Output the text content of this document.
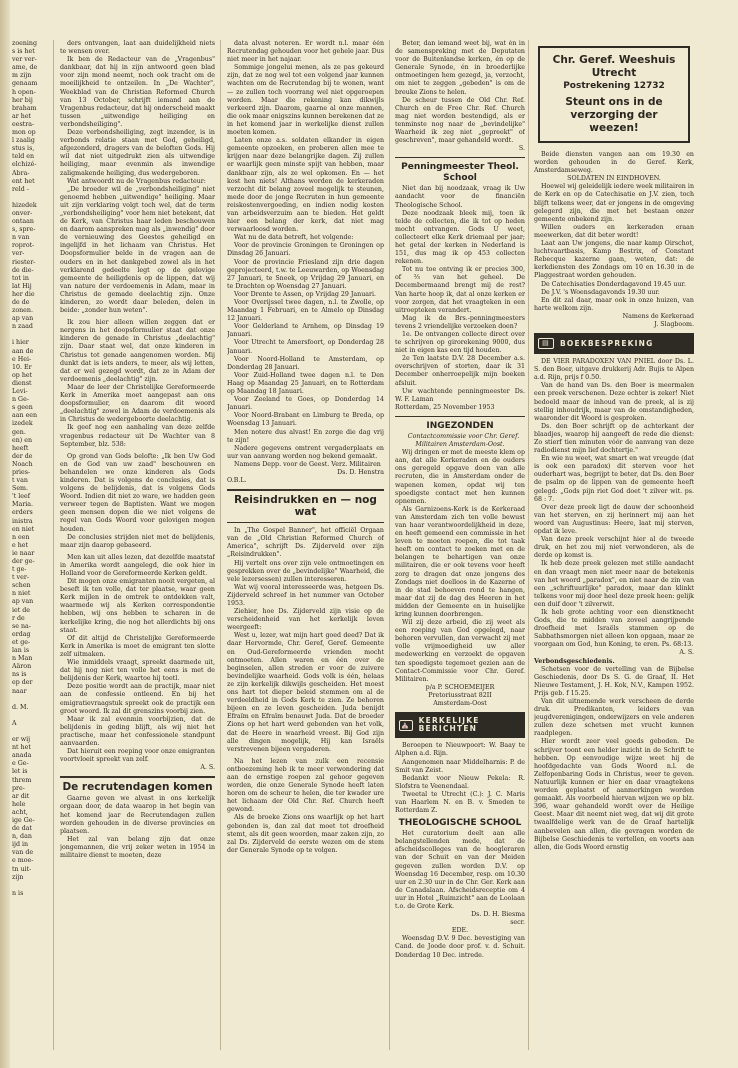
zoening
s is het
ver ver-
ame, de
m zijn
genaam
h open-
her bij
braham
ar het
eestra-
mon op
l zaalig
stus is,
teld en
elchizé-
Abra-
ent het
reld -
hizedek
onver-
ontaan
s, spre-
n van
roprot-
ver-
riester-
de die-
tot in
lat Hij
her die
de de
zonen.
ap van
n zaad
i hier
aan de
e Hei-
10. Er
op het
dienst
Levi-
n Ge-
s geen
aan een
izedek
gen.
en) en
heeft
der de
Noach
pries-
t van
Sem.
't leef
Maria.
erders
inistra
en niet
n een
e het
ie naar
der ge-
t ge-
t ver-
schen
n niet
ap van
iet de
r de
se na-
erdag
et ge-
lan is
n Man
Aäron
ns is
ep der
naar
d. M.
A
er wij
nt het
anada
e Ge-
let is
threm
pre-
ar dit
hele
acht,
ige Ge-
de dat
n, dan
ijd in
van de
e moe-
tn uit-
zijn
n is

ders ontvangen, laat aan duidelijkheid niets te wensen over.

Ik ben de Redacteur van de „Vragenbus" dankbaar, dat hij in zijn antwoord geen blad voor zijn mond neemt, noch ook tracht om de moeilijkheid te ontzeilen. In „De Wachter", Weekblad van de Christian Reformed Church van 13 October, schrijft iemand aan de Vragenbus redacteur, dat hij onderscheid maakt tussen „uitwendige heiliging en verbondsheiliging".

Deze verbondsheiliging, zegt inzender, is in verbonds relatie staan met God, geheiligd, afgezonderd, dragers van de beloften Gods. Hij wil dat niet uitgedrukt zien als uitwendige heiliging, maar evenmin als inwendige zaligmakende heiliging, dus wedergeboren.

Wat antwoordt nu de Vragenbus redacteur:

„De broeder wil de „verbondsheiliging" niet genoemd hebben „uitwendige" heiliging. Maar uit zijn verklaring volgt toch wel, dat de term „verbondsheiliging" voor hem niet betekent, dat de Kerk, van Christus haar leden beschouwen en daarom aanspreken mag als „inwendig" door de vernieuwing des Geestes geheiligd en ingelijfd in het lichaam van Christus. Het Doopsformulier belde in de vragen aan de ouders en in het dankgebed zowel als in het verklarend gedeelte legt op de gelovige gemeente de heiligdenis op de lippen, dat wij van nature der verdoemenis in Adam, maar in Christus de gemade deelachtig zijn. Onze kinderen, zo wordt daar beleden, delen in beide: „zonder hun weten".

Ik zou hier alleen willen zeggen dat er nergens in het doopsformulier staat dat onze kinderen de genade in Christus „deelachtig" zijn. Daar staat wel, dat onze kinderen in Christus tot genade aangenomen worden. Mij dunkt dat is iets anders, te meer, als wij letten, dat er wel gezegd wordt, dat ze in Adam der verdoemenis „deelachtig" zijn.

Maar de leer der Christelijke Gereformeerde Kerk in Amerika moet aangepast aan ons doopsformulier, en daarom dit woord „deelachtig" zowel in Adam de verdoemenis als in Christus de wedergeboorte deelachtig.

Ik geef nog een aanhaling van deze zelfde vragenbus redacteur uit De Wachter van 8 September, blz. 538:

Op grond van Gods belofte: „Ik ben Uw God en de God van uw zaad" beschouwen en behandelen we onze kinderen als Gods kinderen. Dat is volgens de conclusies, dat is volgens de belijdenis, dat is volgens Gods Woord. Indien dit niet zo ware, we hadden geen verweer tegen de Baptisten. Want we mogen geen mensen dopen die we niet volgens de regel van Gods Woord voor gelovigen mogen houden.

De conclusies strijden niet met de belijdenis, maar zijn daarop gebaseerd.

Men kan uit alles lezen, dat dezelfde maatstaf in Amerika wordt aangelegd, die ook hier in Holland voor de Gereformeerde Kerken geldt.

Dit mogen onze emigranten nooit vergeten, al beseft ik ten volle, dat ter plaatse, waar geen Kerk mijlen in de omtrek te ontdekken valt, waarmede wij als Kerken correspondentie hebben, wij ons hebben te scharen in de kerkelijke kring, die nog het allerdichts bij ons staat.

Of dit altijd de Christelijke Gereformeerde Kerk in Amerika is moet de emigrant ten slotte zelf uitmaken.

Wie inmiddels vraagt, spreekt daarmede uit, dat hij nog niet ten volle het eens is met de belijdenis der Kerk, waartoe hij toetl.

Deze positie wordt aan de practijk, maar niet aan de confessie ontleend. En bij het emigratievraagstuk spreekt ook de practijk een groot woord. Ik zal dit grenszins voorbij zien.

Maar ik zal evenmin voorbijzien, dat de belijdenis in geding blijft, als wij niet het practische, maar het confessionele standpunt aanvaarden.

Dat hieruit een roeping voor onze emigranten voortvloeit spreekt van zelf.

A. S.

De recrutendagen komen

Gaarne geven we alvast in ons kerkelijk orgaan door, de data waarop in het begin van het komend jaar de Recrutendagen zullen worden gehouden in de diverse provincies en plaatsen.

Het zal van belang zijn dat onze jongemannen, die vrij zeker weten in 1954 in militaire dienst te moeten, deze

data alvast noteren. Er wordt n.l. maar één Recrutendag gehouden voor het gehele jaar. Dus niet meer in het najaar.

Sommige jongelui menen, als ze pas gekeurd zijn, dat ze nog wel tot een volgend jaar kunnen wachten om de Recrutendag bij te wonen, want — ze zullen toch voorrang wel niet opgeroepen worden. Maar die rekening kan dikwijls verkeerd zijn. Daarom, gaarne al onze mannen, die ook maar enigszins kunnen berekenen dat ze in het komend jaar in werkelijke dienst zullen moeten komen.

Laten onze a.s. soldaten elkander in eigen gemeente opzoeken, en proberen allen mee te krijgen naar deze belangrijke dagen. Zij zullen er waarlijk geen minste spijt van hebben, maar dankbaar zijn, als ze wel opkomen. En — het kost hen niets! Althans worden de kerkeraden verzocht dit belang zoveel mogelijk te steunen, mede door de jonge Recruten in hun gemeente reiskostenvergoeding, en indien nodig kosten van arbeidsverzuim aan te bieden. Het geldt hier een belang der kerk, dat niet mag verwaarloosd worden.

Wat nu de data betreft, het volgende:

Voor de provincie Groningen te Groningen op Dinsdag 26 Januari.

Voor de provincie Friesland zijn drie dagen geprojecteerd, t.w. te Leeuwarden, op Woensdag 27 Januari, te Sneek, op Vrijdag 29 Januari, en te Drachten op Woensdag 27 Januari.

Voor Drente te Assen, op Vrijdag 29 Januari.

Voor Overijssel twee dagen, n.l. te Zwolle, op Maandag 1 Februari, en te Almelo op Dinsdag 12 Januari.

Voor Gelderland te Arnhem, op Dinsdag 19 Januari.

Voor Utrecht te Amersfoort, op Donderdag 28 Januari.

Voor Noord-Holland te Amsterdam, op Donderdag 28 Januari.

Voor Zuid-Holland twee dagen n.l. te Den Haag op Maandag 25 Januari, en te Rotterdam op Maandag 18 Januari.

Voor Zeeland te Goes, op Donderdag 14 Januari.

Voor Noord-Brabant en Limburg te Breda, op Woensdag 13 Januari.

Men notere dus alvast! En zorge die dag vrij te zijn!

Nadere gegevens omtrent vergaderplaats en uur van aanvang worden nog bekend gemaakt.

Namens Depp. voor de Geest. Verz. Militairen

Ds. D. Henstra

O.B.L.

Reisindrukken en — nog wat

In „The Gospel Banner", het officiël Orgaan van de „Old Christian Reformed Church of America", schrijft Ds. Zijderveld over zijn „Reisindrukken".

Hij vertelt ons over zijn vele ontmoetingen en gesprekken over de „bevindelijke" Waarheid, die vele lezersessen) zullen interesseren.

Wat wij vooral interesseerde was, hetgeen Ds. Zijderveld schreef in het nummer van October 1953.

Ziehier, hoe Ds. Zijderveld zijn visie op de verscheidenheid van het kerkelijk leven weergeeft:

West u, lezer, wat mijn hart goed deed? Dat ik daar Hervormde, Chr. Geref, Geref. Gemeente en Oud-Gereformeerde vrienden mocht ontmoeten. Allen waren en één over de beginselen, allen streden er voor de zuivere bevindelijke waarheid. Gods volk is één, helaas ze zijn kerkelijk dikwijls gescheiden. Het moest ons hart tot dieper beleid stemmen om al de verdeeldheid in Gods Kerk te zien. Ze behoren bijeen en ze leven gescheiden. Juda benijdt Efraïm en Efraïm benauwt Juda. Dat de broeder Zions op het hart werd gebonden van het volk, dat de Heere in waarheid vreest. Bij God zijn alle dingen mogelijk, Hij kan Israëls verstrevenen bijeen vergaderen.

Na het lezen van zulk een recensie ontboezeming heb ik te meer verwondering dat aan de ernstige roepen zal gehoor gegeven worden, die onze Generale Synode heeft laten horen om de scheur te helen, die ter kwader ure het lichaam der Old Chr. Ref. Church heeft gewond.

Als de broeke Zions ons waarlijk op het hart gebonden is, dan zal dat moet tot droefheid stemt, als dit geen woorden, maar zaken zijn, zo zal Ds. Zijderveld de eerste wezen om de stem der Generale Synode op te volgen.

Beter, dan iemand weet bij, wat én in de samenspreking met de Deputaten voor de Buitenlandse kerken, én op de Generale Synode, én in broederlijke ontmoetingen hem gezegd, ja, verzocht, om niet te zeggen „gebeden" is om de breuke Zions te helen.

De scheur tussen de Old Chr. Ref. Church en de Free Chr. Ref. Church mag niet worden bestendigd, als er tenminste nog naar de „bevindelijke" Waarheid ik zeg niet „gepreekt" of geschreven", maar gehandeld wordt.

S.

Penningmeester Theol. School

Niet dan bij noodzaak, vraag ik Uw aandacht voor de financiën Theologische School.

Deze noodzaak bleek mij, toen ik telde de collecten, die ik tot op heden mocht ontvangen. Gods U weet, collecteert elke Kerk driemaal per jaar; het getal der kerken in Nederland is 151, dus mag ik op 453 collecten rekenen.

Tot nu toe ontving ik er precies 300, of ⅔ van het geheel. De Decembermaand brengt mij de rest? Van harte hoop ik, dat al onze kerken er voor zorgen, dat het vraagteken in een uitroepteken verandert.

Mag ik de Brs.-penningmeesters tevens 2 vriendelijke verzoeken doen?

1e. De ontvangen collecte direct over te schrijven op girorekening 9000, dus niet in eigen kas een tijd houden.

2e Ten laatste D.V. 28 December a.s. overschrijven of storten, daar ik 31 December onherroepelijk mijn boeken afsluit.

Uw wachtende penningmeester Ds. W. F. Laman

Rotterdam, 25 November 1953

INGEZONDEN

Contactcommissie voor Chr. Geref. Militairen Amsterdam-Oost.

Wij dringen er met de meeste klem op aan, dat alle Kerkeraden en de ouders ons geregeld opgave doen van alle recruten, die in Amsterdam onder de wapenen komen, opdat wij ten spoedigste contact met hen kunnen opnemen.

Als Garnizoens-Kerk is de Kerkeraad van Amsterdam zich ten volle bewust van haar verantwoordelijkheid in deze, en heeft gemeend een commissie in het leven te moeten roepen, die tot taak heeft om contact te zoeken met en de belangen te behartigen van onze militairen, die er ook tevens voor heeft zorg te dragen dat onze jongens des Zondags niet doelloos in de Kazerne of in de stad behoeven rond te hangen, maar dat zij de dag des Heeren in het midden der Gemeente en in huiselijke kring kunnen doorbrengen.

Wil zij deze arbeid, die zij weet als een roeping van God opgelegd, naar behoren vervullen, dan verwacht zij met volle vrijmoedigheid uw aller medewerking en verzoekt de opgaven ten spoedigste tegemoet gezien aan de Contact-Commissie voor Chr. Geref. Militairen.

p/a P. SCHOEMEIJER

Pretoriusstraat 82II

Amsterdam-Oost

⛪ KERKELIJKE BERICHTEN

Beroepen te Nieuwpoort: W. Baay te Alphen a.d. Rijn.

Aangenomen naar Middelharnis: P. de Smit van Zeist.

Bedankt voor Nieuw Pekela: R. Slofstra te Veenendaal.

Tweetal te Utrecht (C.): J. C. Maris van Haarlem N. en B. v. Smeden te Rotterdam Z.

THEOLOGISCHE SCHOOL

Het curatorium deelt aan alle belangstellenden mede, dat de afscheidscolleges van de hoogleraren van der Schuit en van der Meiden gegeven zullen worden D.V. op Woensdag 16 December, resp. om 10.30 uur en 2.30 uur in de Chr. Ger. Kerk aan de Canadalaan. Afscheidsreceptie om 4 uur in Hotel „Ruimzicht" aan de Loolaan t.o. de Grote Kerk.

Ds. D. H. Biesma

secr.

EDE.

Woensdag D.V. 9 Dec. bevestiging van Cand. de Joode door prof. v. d. Schuit. Donderdag 10 Dec. intrede.

Chr. Geref. Weeshuis
Utrecht
Postrekening 12732
Steunt ons in de verzorging der weezen!

Beide diensten vangen aan om 19.30 en worden gehouden in de Geref. Kerk, Amsterdamseweg.

SOLDATEN IN EINDHOVEN.

Hoewel wij geleidelijk iedere week militairen in de Kerk en op de Catechisatie en J.V. zien, toch blijft telkens weer, dat er jongens in de omgeving gelegerd zijn, die met het bestaan onzer gemeente onbekend zijn.

Willen ouders en kerkeraden eraan meewerken, dat dit beter wordt!

Laat aan Uw jongens, die naar kamp Oirschot, luchtvaartbasis, Kamp Bestrix, of Constant Rebecque kazerne gaan, weten, dat: de kerkdiensten des Zondags om 10 en 16.30 in de Plaggestraat worden gehouden.

De Catechisaties Donderdagavond 19.45 uur.

De J.V. 's Woensdagavonds 19.30 uur.

En dit zal daar, maar ook in onze huizen, van harte welkom zijn.

Namens de Kerkeraad

J. Slagboom.

▤	BOEKBESPREKING

DE VIER PARADOXEN VAN PNIEL door Ds. L. S. den Boer, uitgave drukkerij Adr. Bujis te Alpen a.d. Rijn, prijs f 0.50.

Van de hand van Ds. den Boer is meermalen een preek verschenen. Deze echter is zeker! Niet bedoeld maar de inhoud van de preek, al is zij stellig inhoudrijk, maar van de omstandigheden, waaronder dit Woord is gesproken.

Ds. den Boer schrijft op de achterkant der blaadjes, waarop hij aangeeft de rede die dienst: Zo stierf tien minuten vóór de aanvang van deze radiodienst mijn lief dochtertje."

En wie nu weet, wat smart en wat vreugde (dat is ook een paradox) dit sterven voor het ouderhart was, begrijpt te beter, dat Ds. den Boer de psalm op de lippen van de gemeente heeft gelegd: „Gods pijn riet God doet 't zilver wit. ps. 68 : 7.

Over deze preek ligt de dauw der schoonheid van het sterven, en zij herinnert mij aan het woord van Augustinus: Heere, laat mij sterven, opdat ik leve.

Van deze preek verschijnt hier al de tweede druk, en het zou mij niet verwonderen, als de derde op komst is.

Ik heb deze preek gelezen met stille aandacht en dan vraagt men niet meer naar de betekenis van het woord „paradox", en niet naar de zin van een „schriftuurlijke" paradox, maar dan klinkt telkens voor mij door heel deze preek heen: gelijk een duif door 't zilverwit.

Ik heb grote achting voor een dienstknecht Gods, die te midden van zoveel aangrijpende droefheid met Israëls stammen op de Sabbathsmorgen niet alleen kon opgaan, maar ze voorgaan om God, hun Koning, te eren. Ps. 68:13.

A. S.

Verbondsgeschiedenis.

Schetsen voor de vertelling van de Bijbelse Geschiedenis, door Ds S. G. de Graaf, II. Het Nieuwe Testament, J. H. Kok, N.V., Kampen 1952. Prijs geb. f 15.25.

Van dit uitnemende werk verscheen de derde druk. Predikanten, leiders van jeugdverenigingen, onderwijzers en vele anderen zullen deze schetsen met vrucht kunnen raadplegen.

Hier wordt zeer veel goeds geboden. De schrijver toont een helder inzicht in de Schrift te hebben. Op eenvoudige wijze weet hij de hoofdgedachte van Gods Woord n.l. de Zelfopenbaring Gods in Christus, weer te geven. Natuurlijk kunnen er hier en daar vraagtekens worden geplaatst of aanmerkingen worden gemaakt. Als voorbeeld hiervan wijzen we op blz. 396, waar gehandeld wordt over de Heilige Geest. Maar dit neemt niet weg, dat wij dit grote twaalfdelige werk van de de Graaf hartelijk aanbevelen aan allen, die gevragen worden de Bijbelse Geschiedenis te vertellen, en voorts aan allen, die Gods Woord ernstig
